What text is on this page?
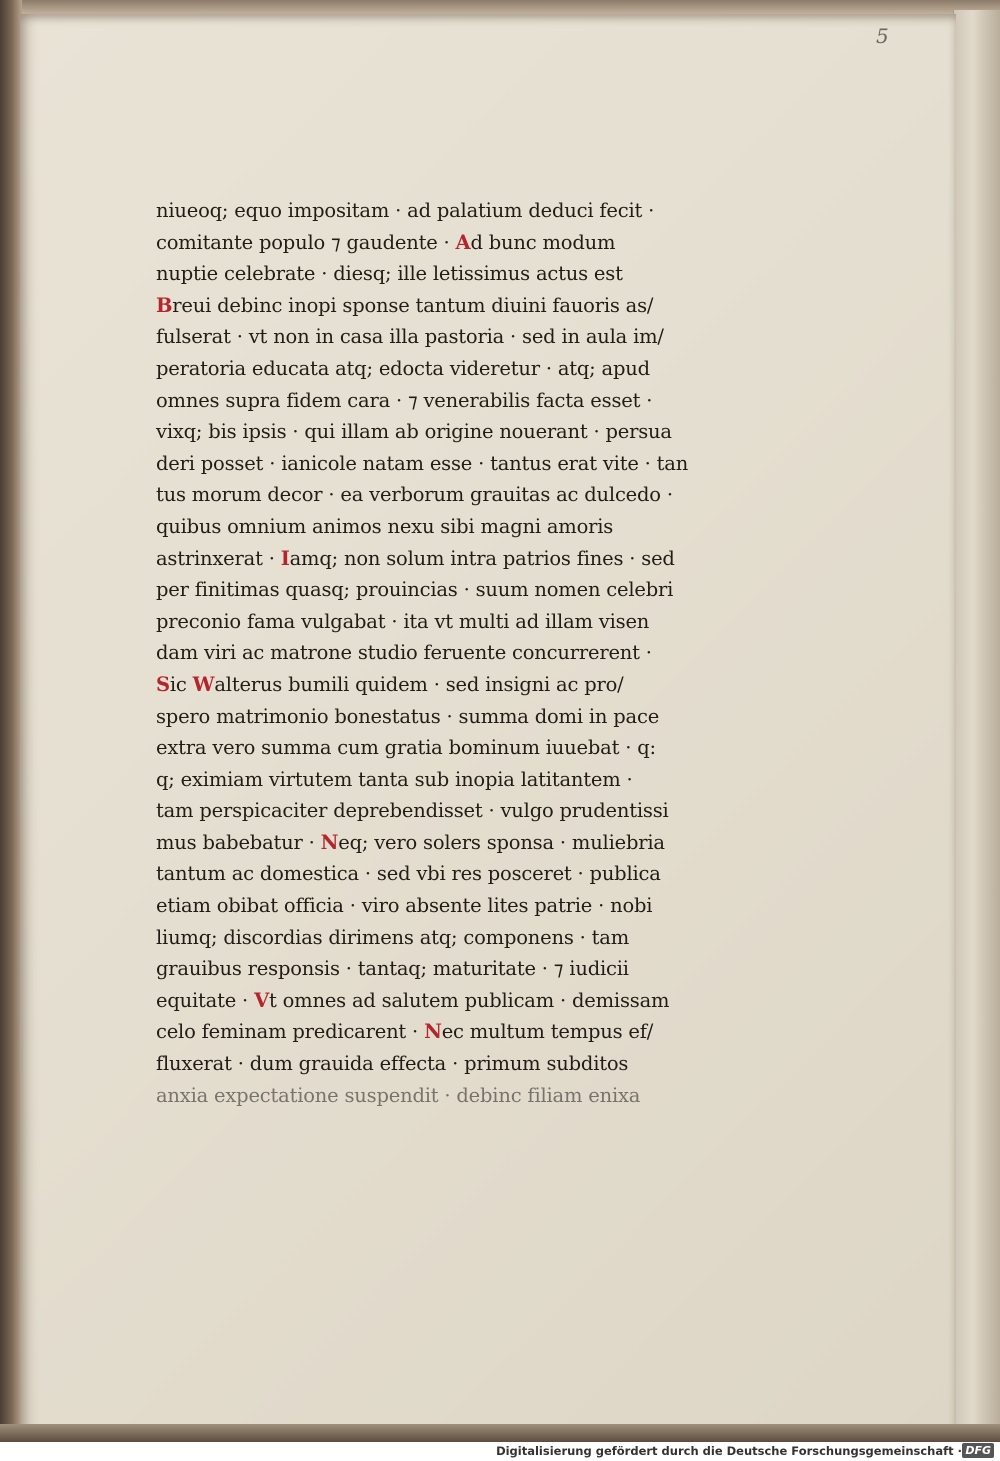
5
niueoq; equo impositam · ad palatium deduci fecit ·
comitante populo ⁊ gaudente · Ad bunc modum
nuptie celebrate · diesq; ille letissimus actus est
Breui debinc inopi sponse tantum diuini fauoris as/
fulserat · vt non in casa illa pastoria · sed in aula im/
peratoria educata atq; edocta videretur · atq; apud
omnes supra fidem cara · ⁊ venerabilis facta esset ·
vixq; bis ipsis · qui illam ab origine nouerant · persua
deri posset · ianicole natam esse · tantus erat vite · tan
tus morum decor · ea verborum grauitas ac dulcedo ·
quibus omnium animos nexu sibi magni amoris
astrinxerat · Iamq; non solum intra patrios fines · sed
per finitimas quasq; prouincias · suum nomen celebri
preconio fama vulgabat · ita vt multi ad illam visen
dam viri ac matrone studio feruente concurrerent ·
Sic Walterus bumili quidem · sed insigni ac pro/
spero matrimonio bonestatus · summa domi in pace
extra vero summa cum gratia bominum iuuebat · q:
q; eximiam virtutem tanta sub inopia latitantem ·
tam perspicaciter deprebendisset · vulgo prudentissi
mus babebatur · Neq; vero solers sponsa · muliebria
tantum ac domestica · sed vbi res posceret · publica
etiam obibat officia · viro absente lites patrie · nobi
liumq; discordias dirimens atq; componens · tam
grauibus responsis · tantaq; maturitate · ⁊ iudicii
equitate · Vt omnes ad salutem publicam · demissam
celo feminam predicarent · Nec multum tempus ef/
fluxerat · dum grauida effecta · primum subditos
anxia expectatione suspendit · debinc filiam enixa
Digitalisierung gefördert durch die Deutsche Forschungsgemeinschaft · DFG
